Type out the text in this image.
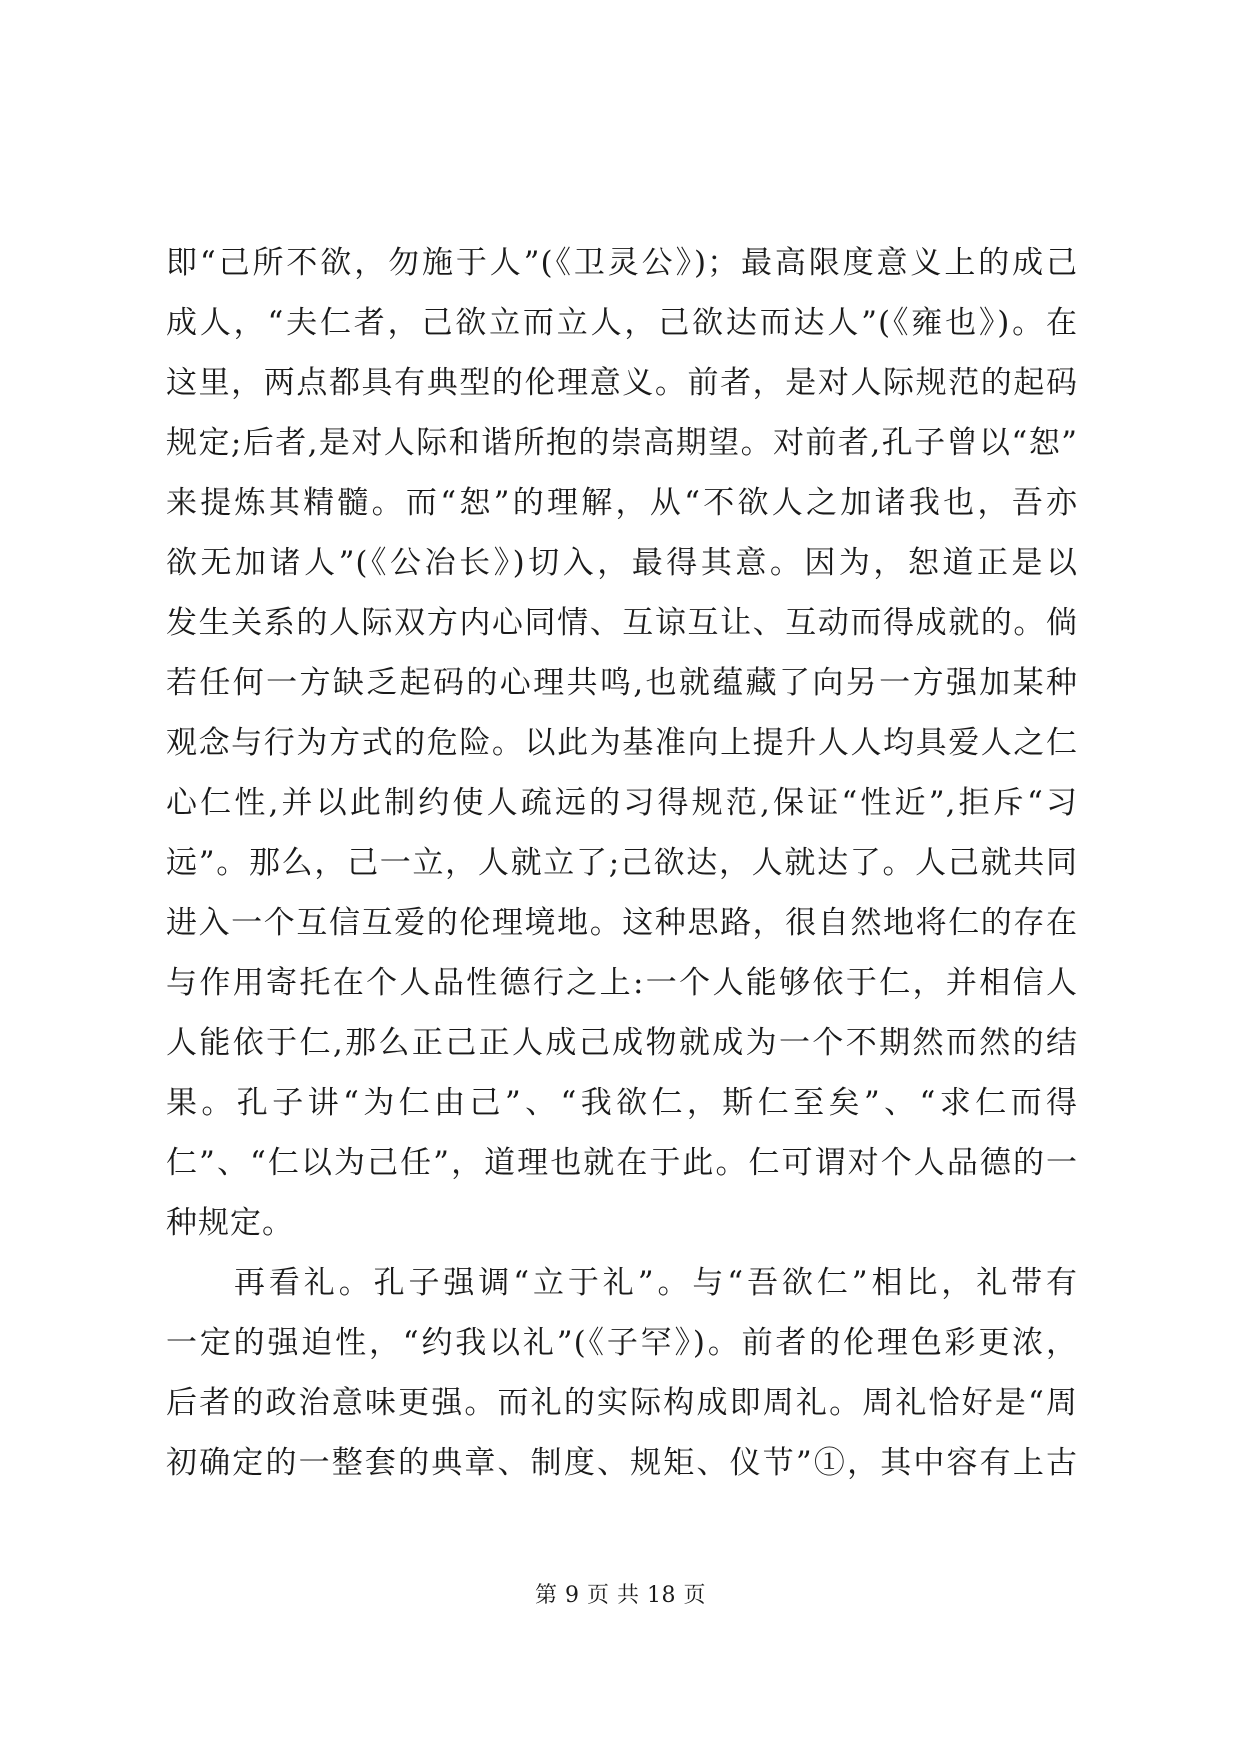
即“己所不欲，勿施于人”(《卫灵公》)；最高限度意义上的成己
成人，“夫仁者，己欲立而立人，己欲达而达人”(《雍也》)。在
这里，两点都具有典型的伦理意义。前者，是对人际规范的起码
规定;后者,是对人际和谐所抱的崇高期望。对前者,孔子曾以“恕”
来提炼其精髓。而“恕”的理解，从“不欲人之加诸我也，吾亦
欲无加诸人”(《公冶长》)切入，最得其意。因为，恕道正是以
发生关系的人际双方内心同情、互谅互让、互动而得成就的。倘
若任何一方缺乏起码的心理共鸣,也就蕴藏了向另一方强加某种
观念与行为方式的危险。以此为基准向上提升人人均具爱人之仁
心仁性,并以此制约使人疏远的习得规范,保证“性近”,拒斥“习
远”。那么，己一立，人就立了;己欲达，人就达了。人己就共同
进入一个互信互爱的伦理境地。这种思路，很自然地将仁的存在
与作用寄托在个人品性德行之上:一个人能够依于仁，并相信人
人能依于仁,那么正己正人成己成物就成为一个不期然而然的结
果。孔子讲“为仁由己”、“我欲仁，斯仁至矣”、“求仁而得
仁”、“仁以为己任”，道理也就在于此。仁可谓对个人品德的一
种规定。
再看礼。孔子强调“立于礼”。与“吾欲仁”相比，礼带有
一定的强迫性，“约我以礼”(《子罕》)。前者的伦理色彩更浓，
后者的政治意味更强。而礼的实际构成即周礼。周礼恰好是“周
初确定的一整套的典章、制度、规矩、仪节”①，其中容有上古
第 9 页 共 18 页
